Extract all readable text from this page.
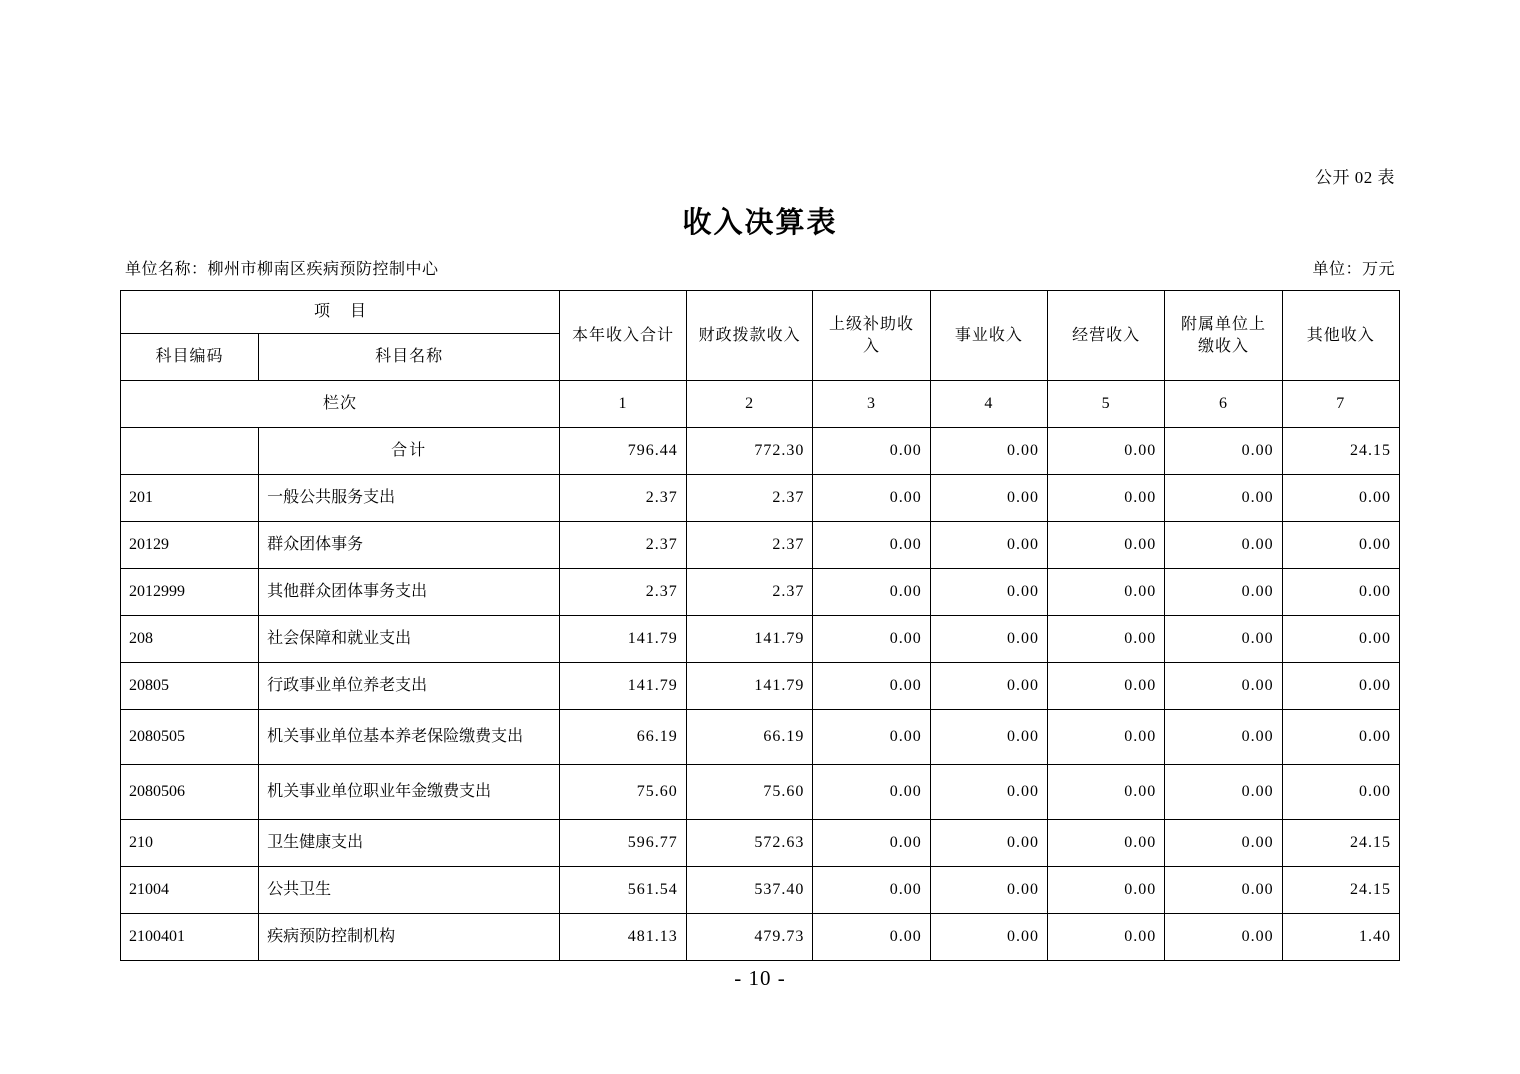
公开 02 表
收入决算表
单位名称：柳州市柳南区疾病预防控制中心	单位：万元
项 目		本年收入合计	财政拨款收入	上级补助收入	事业收入	经营收入	附属单位上缴收入	其他收入
科目编码	科目名称							
栏次		1	2	3	4	5	6	7
	合计	796.44	772.30	0.00	0.00	0.00	0.00	24.15
201	一般公共服务支出	2.37	2.37	0.00	0.00	0.00	0.00	0.00
20129	群众团体事务	2.37	2.37	0.00	0.00	0.00	0.00	0.00
2012999	其他群众团体事务支出	2.37	2.37	0.00	0.00	0.00	0.00	0.00
208	社会保障和就业支出	141.79	141.79	0.00	0.00	0.00	0.00	0.00
20805	行政事业单位养老支出	141.79	141.79	0.00	0.00	0.00	0.00	0.00
2080505	机关事业单位基本养老保险缴费支出	66.19	66.19	0.00	0.00	0.00	0.00	0.00
2080506	机关事业单位职业年金缴费支出	75.60	75.60	0.00	0.00	0.00	0.00	0.00
210	卫生健康支出	596.77	572.63	0.00	0.00	0.00	0.00	24.15
21004	公共卫生	561.54	537.40	0.00	0.00	0.00	0.00	24.15
2100401	疾病预防控制机构	481.13	479.73	0.00	0.00	0.00	0.00	1.40
- 10 -
